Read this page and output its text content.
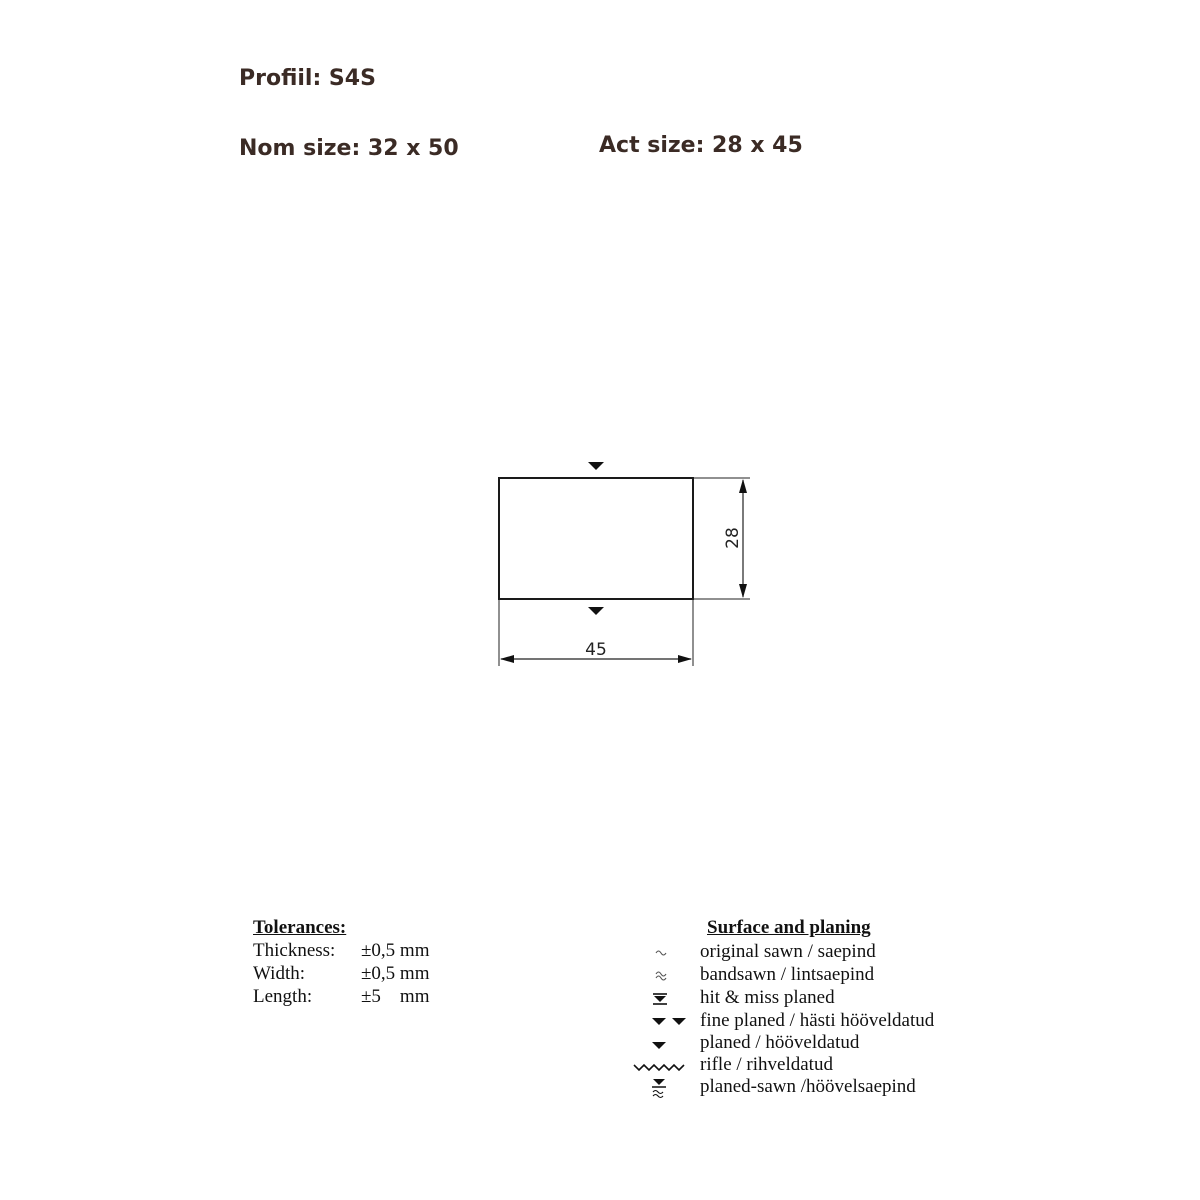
Profiil: S4S
Nom size: 32 x 50	Act size: 28 x 45
28
45
Tolerances:
Thickness: ±0,5 mm
Width:	±0,5 mm
Length:	±5    mm
Surface and planing
original sawn / saepind
bandsawn / lintsaepind
hit & miss planed
fine planed / hästi hööveldatud
planed / hööveldatud
rifle / rihveldatud
planed-sawn /höövelsaepind
